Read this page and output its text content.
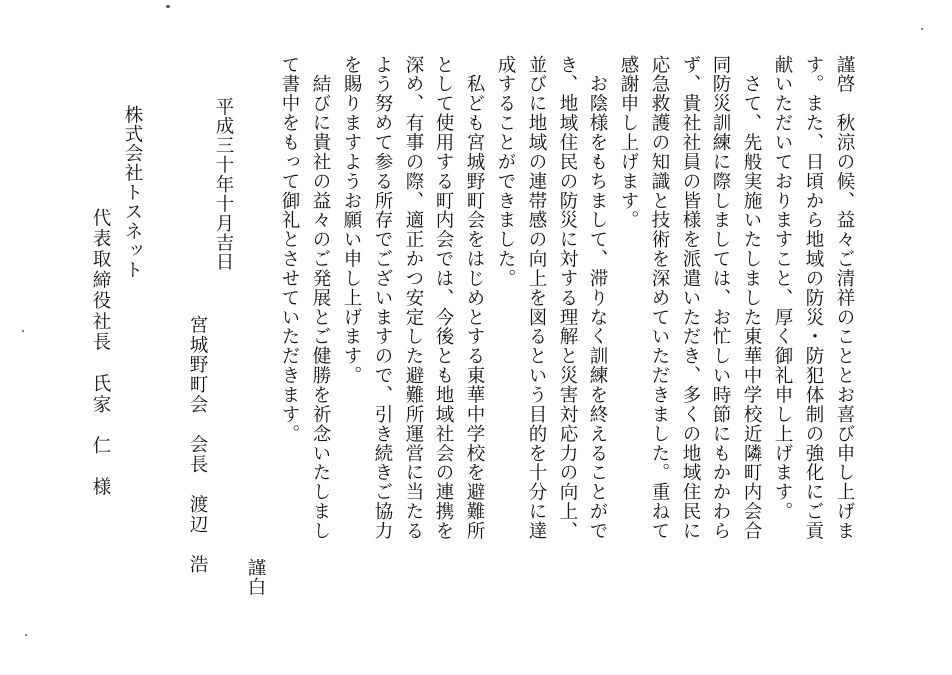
謹啓　秋涼の候、益々ご清祥のこととお喜び申し上げま
す。また、日頃から地域の防災・防犯体制の強化にご貢
献いただいておりますこと、厚く御礼申し上げます。
　さて、先般実施いたしました東華中学校近隣町内会合
同防災訓練に際しましては、お忙しい時節にもかかわら
ず、貴社社員の皆様を派遣いただき、多くの地域住民に
応急救護の知識と技術を深めていただきました。重ねて
感謝申し上げます。
　お陰様をもちまして、滞りなく訓練を終えることがで
き、地域住民の防災に対する理解と災害対応力の向上、
並びに地域の連帯感の向上を図るという目的を十分に達
成することができました。
　私ども宮城野町会をはじめとする東華中学校を避難所
として使用する町内会では、今後とも地域社会の連携を
深め、有事の際、適正かつ安定した避難所運営に当たる
よう努めて参る所存でございますので、引き続きご協力
を賜りますようお願い申し上げます。
　結びに貴社の益々のご発展とご健勝を祈念いたしまし
て書中をもって御礼とさせていただきます。
謹白
宮城野町会　会長　渡辺　浩
平成三十年十月吉日
株式会社トスネット
代表取締役社長　氏家　仁　様
